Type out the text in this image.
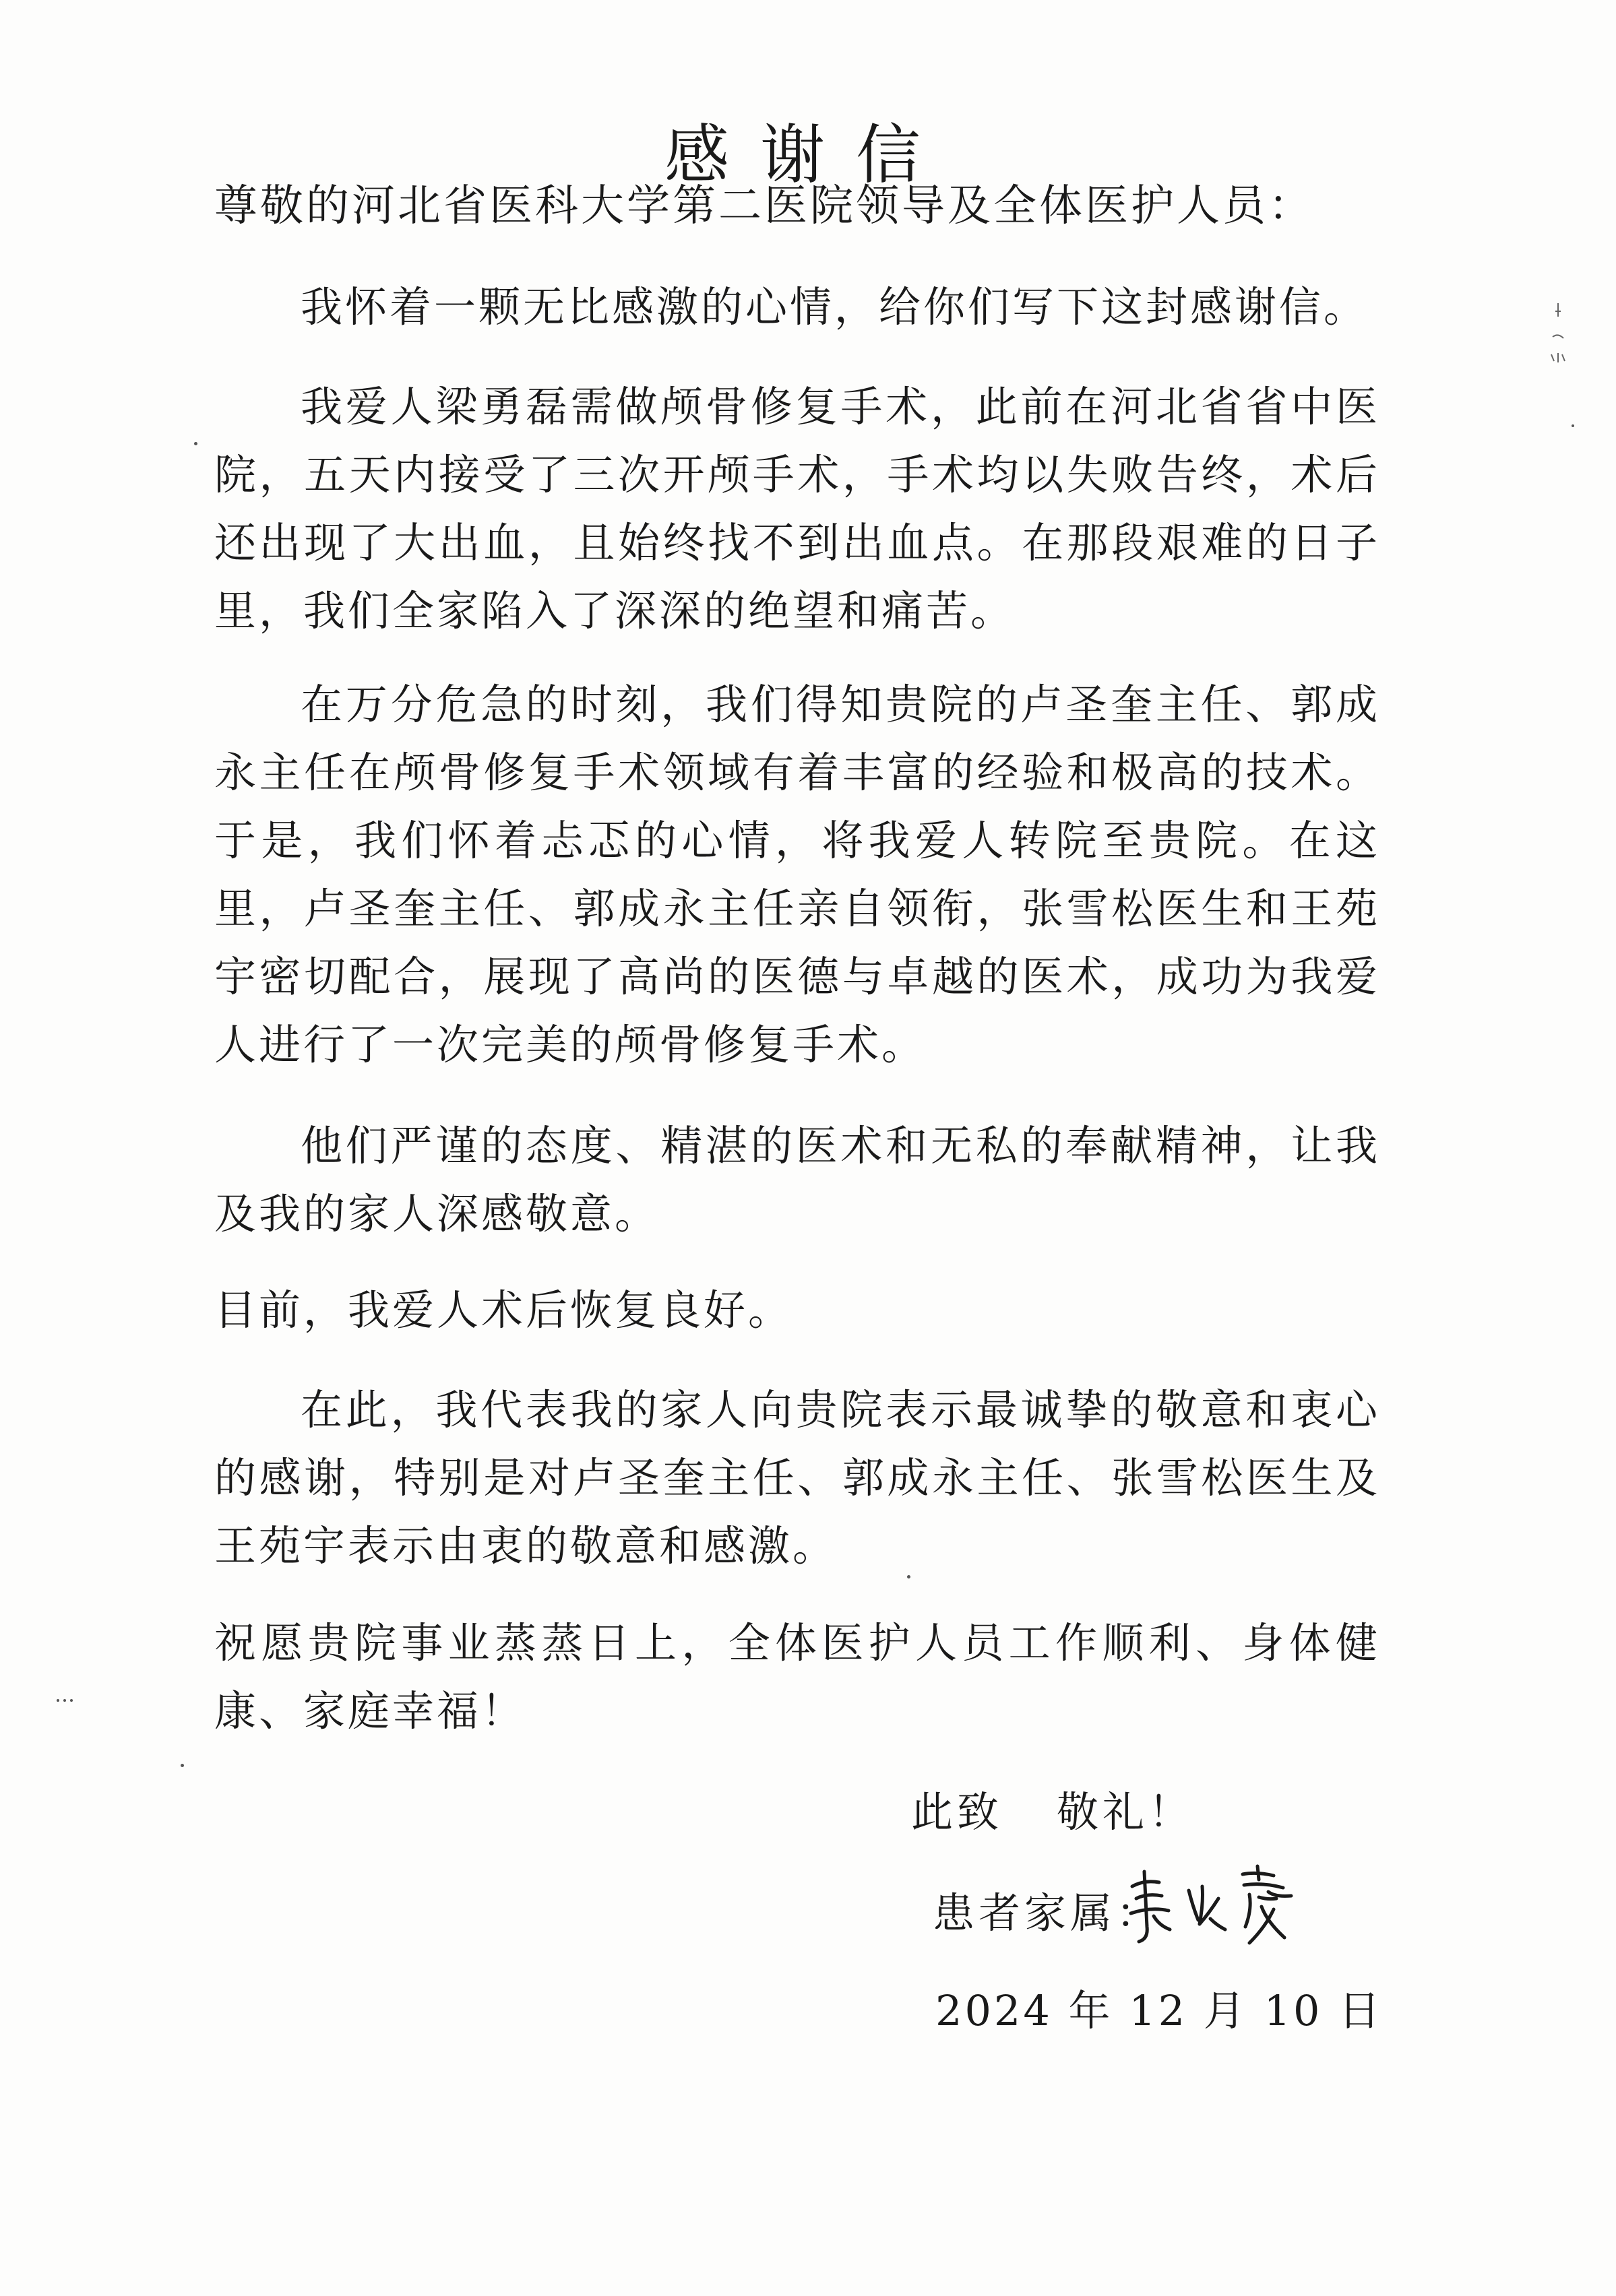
感谢信
尊敬的河北省医科大学第二医院领导及全体医护人员：

我怀着一颗无比感激的心情，给你们写下这封感谢信。

我爱人梁勇磊需做颅骨修复手术，此前在河北省省中医院，五天内接受了三次开颅手术，手术均以失败告终，术后还出现了大出血，且始终找不到出血点。在那段艰难的日子里，我们全家陷入了深深的绝望和痛苦。

在万分危急的时刻，我们得知贵院的卢圣奎主任、郭成永主任在颅骨修复手术领域有着丰富的经验和极高的技术。于是，我们怀着忐忑的心情，将我爱人转院至贵院。在这里，卢圣奎主任、郭成永主任亲自领衔，张雪松医生和王苑宇密切配合，展现了高尚的医德与卓越的医术，成功为我爱人进行了一次完美的颅骨修复手术。

他们严谨的态度、精湛的医术和无私的奉献精神，让我及我的家人深感敬意。

目前，我爱人术后恢复良好。

在此，我代表我的家人向贵院表示最诚挚的敬意和衷心的感谢，特别是对卢圣奎主任、郭成永主任、张雪松医生及王苑宇表示由衷的敬意和感激。

祝愿贵院事业蒸蒸日上，全体医护人员工作顺利、身体健康、家庭幸福！

此致 敬礼！
患者家属：
2024 年 12 月 10 日
